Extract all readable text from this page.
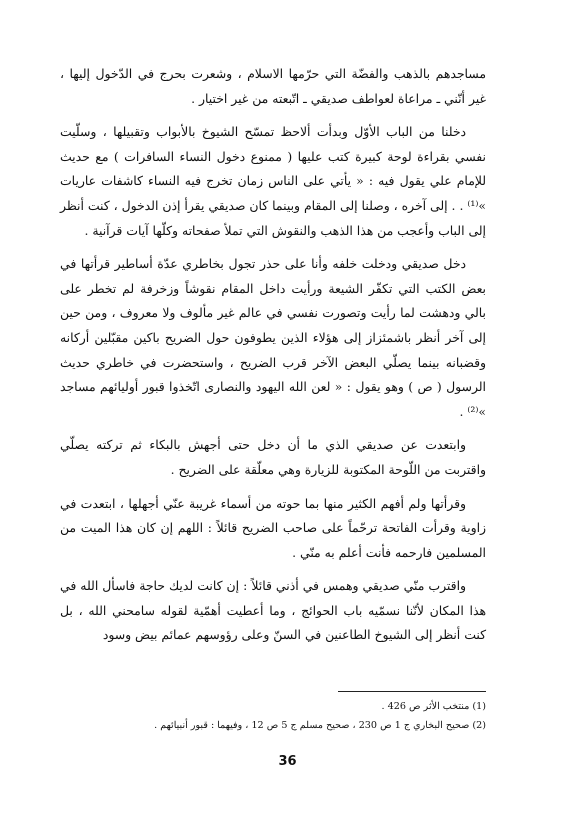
مساجدهم بالذهب والفضّة التي حرّمها الاسلام ، وشعرت بحرج في الدّخول إليها ، غير أنّني ـ مراعاة لعواطف صديقي ـ اتّبعته من غير اختيار .

دخلنا من الباب الأوّل وبدأت ألاحظ تمسّح الشيوخ بالأبواب وتقبيلها ، وسلّيت نفسي بقراءة لوحة كبيرة كتب عليها ( ممنوع دخول النساء السافرات ) مع حديث للإمام علي يقول فيه : « يأتي على الناس زمان تخرج فيه النساء كاشفات عاريات »⁽¹⁾ . . إلى آخره ، وصلنا إلى المقام وبينما كان صديقي يقرأ إذن الدخول ، كنت أنظر إلى الباب وأعجب من هذا الذهب والنقوش التي تملأ صفحاته وكلّها آيات قرآنية .

دخل صديقي ودخلت خلفه وأنا على حذر تجول بخاطري عدّة أساطير قرأتها في بعض الكتب التي تكفّر الشيعة ورأيت داخل المقام نقوشاً وزخرفة لم تخطر على بالي ودهشت لما رأيت وتصورت نفسي في عالم غير مألوف ولا معروف ، ومن حين إلى آخر أنظر باشمئزاز إلى هؤلاء الذين يطوفون حول الضريح باكين مقبّلين أركانه وقضبانه بينما يصلّي البعض الآخر قرب الضريح ، واستحضرت في خاطري حديث الرسول ( ص ) وهو يقول : « لعن الله اليهود والنصارى اتّخذوا قبور أوليائهم مساجد »⁽²⁾ .

وابتعدت عن صديقي الذي ما أن دخل حتى أجهش بالبكاء ثم تركته يصلّي واقتربت من اللّوحة المكتوبة للزيارة وهي معلّقة على الضريح .

وقرأتها ولم أفهم الكثير منها بما حوته من أسماء غريبة عنّي أجهلها ، ابتعدت في زاوية وقرأت الفاتحة ترحّماً على صاحب الضريح قائلاً : اللهم إن كان هذا الميت من المسلمين فارحمه فأنت أعلم به منّي .

واقترب منّي صديقي وهمس في أذني قائلاً : إن كانت لديك حاجة فاسأل الله في هذا المكان لأنّنا نسمّيه باب الحوائج ، وما أعطيت أهمّية لقوله سامحني الله ، بل كنت أنظر إلى الشيوخ الطاعنين في السنّ وعلى رؤوسهم عمائم بيض وسود

(1) منتخب الأثر ص 426 .

(2) صحيح البخاري ج 1 ص 230 ، صحيح مسلم ج 5 ص 12 ، وفيهما : قبور أنبيائهم .

36
